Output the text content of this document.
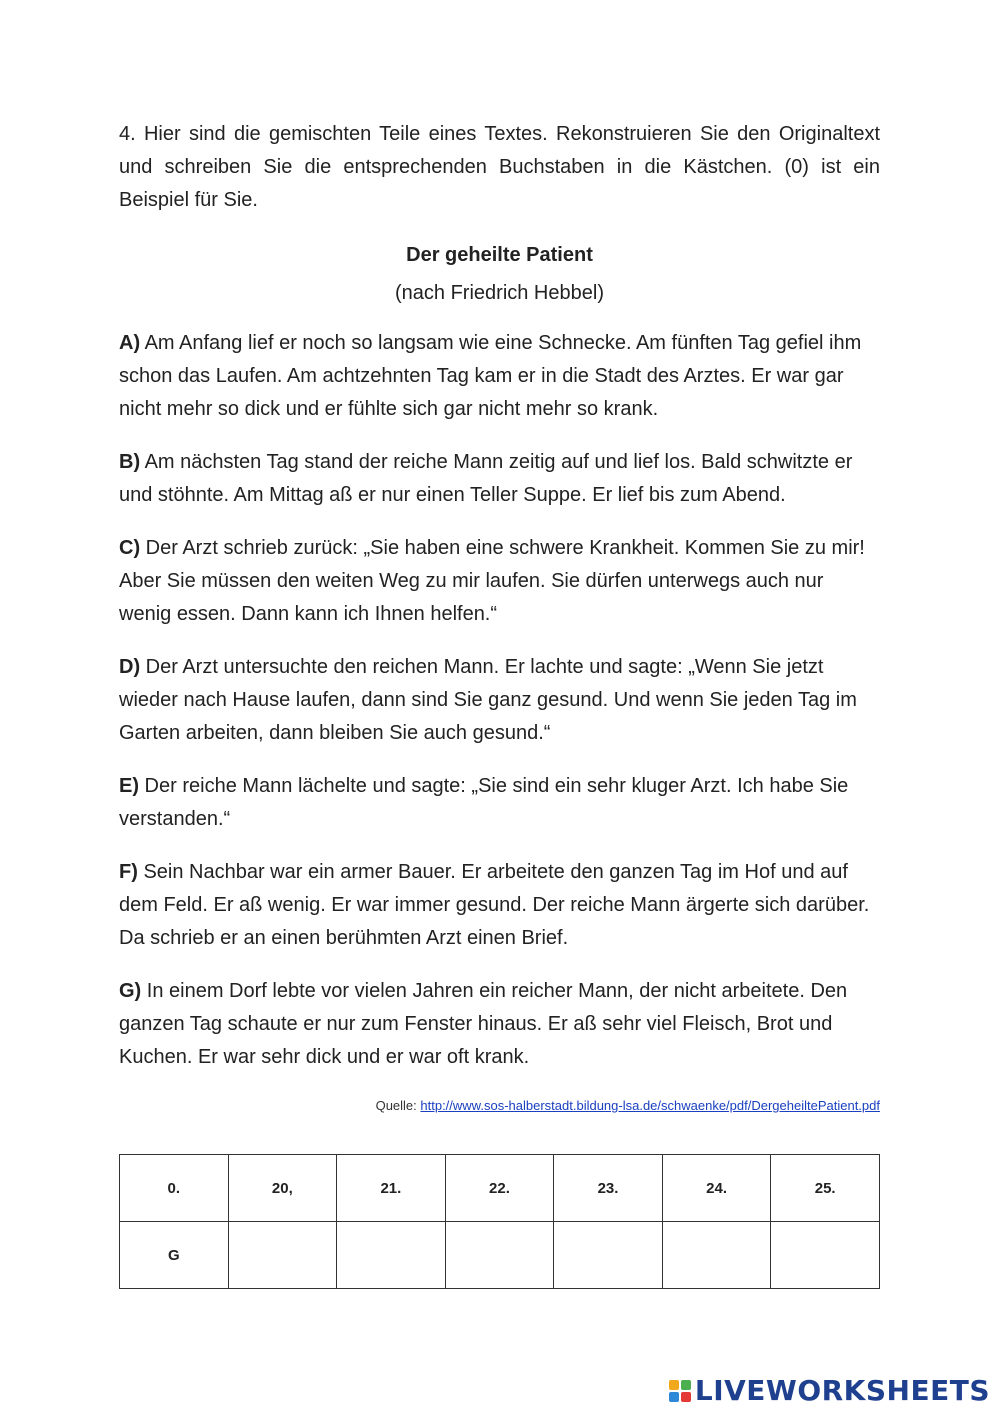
4. Hier sind die gemischten Teile eines Textes. Rekonstruieren Sie den Originaltext und schreiben Sie die entsprechenden Buchstaben in die Kästchen. (0) ist ein Beispiel für Sie.

Der geheilte Patient
(nach Friedrich Hebbel)

A) Am Anfang lief er noch so langsam wie eine Schnecke. Am fünften Tag gefiel ihm schon das Laufen. Am achtzehnten Tag kam er in die Stadt des Arztes. Er war gar nicht mehr so dick und er fühlte sich gar nicht mehr so krank.

B) Am nächsten Tag stand der reiche Mann zeitig auf und lief los. Bald schwitzte er und stöhnte. Am Mittag aß er nur einen Teller Suppe. Er lief bis zum Abend.

C) Der Arzt schrieb zurück: „Sie haben eine schwere Krankheit. Kommen Sie zu mir! Aber Sie müssen den weiten Weg zu mir laufen. Sie dürfen unterwegs auch nur wenig essen. Dann kann ich Ihnen helfen.“

D) Der Arzt untersuchte den reichen Mann. Er lachte und sagte: „Wenn Sie jetzt wieder nach Hause laufen, dann sind Sie ganz gesund. Und wenn Sie jeden Tag im Garten arbeiten, dann bleiben Sie auch gesund.“

E) Der reiche Mann lächelte und sagte: „Sie sind ein sehr kluger Arzt. Ich habe Sie verstanden.“

F) Sein Nachbar war ein armer Bauer. Er arbeitete den ganzen Tag im Hof und auf dem Feld. Er aß wenig. Er war immer gesund. Der reiche Mann ärgerte sich darüber. Da schrieb er an einen berühmten Arzt einen Brief.

G) In einem Dorf lebte vor vielen Jahren ein reicher Mann, der nicht arbeitete. Den ganzen Tag schaute er nur zum Fenster hinaus. Er aß sehr viel Fleisch, Brot und Kuchen. Er war sehr dick und er war oft krank.

Quelle: http://www.sos-halberstadt.bildung-lsa.de/schwaenke/pdf/DergeheiltePatient.pdf

0.	20,	21.	22.	23.	24.	25.
G						
LIVEWORKSHEETS
